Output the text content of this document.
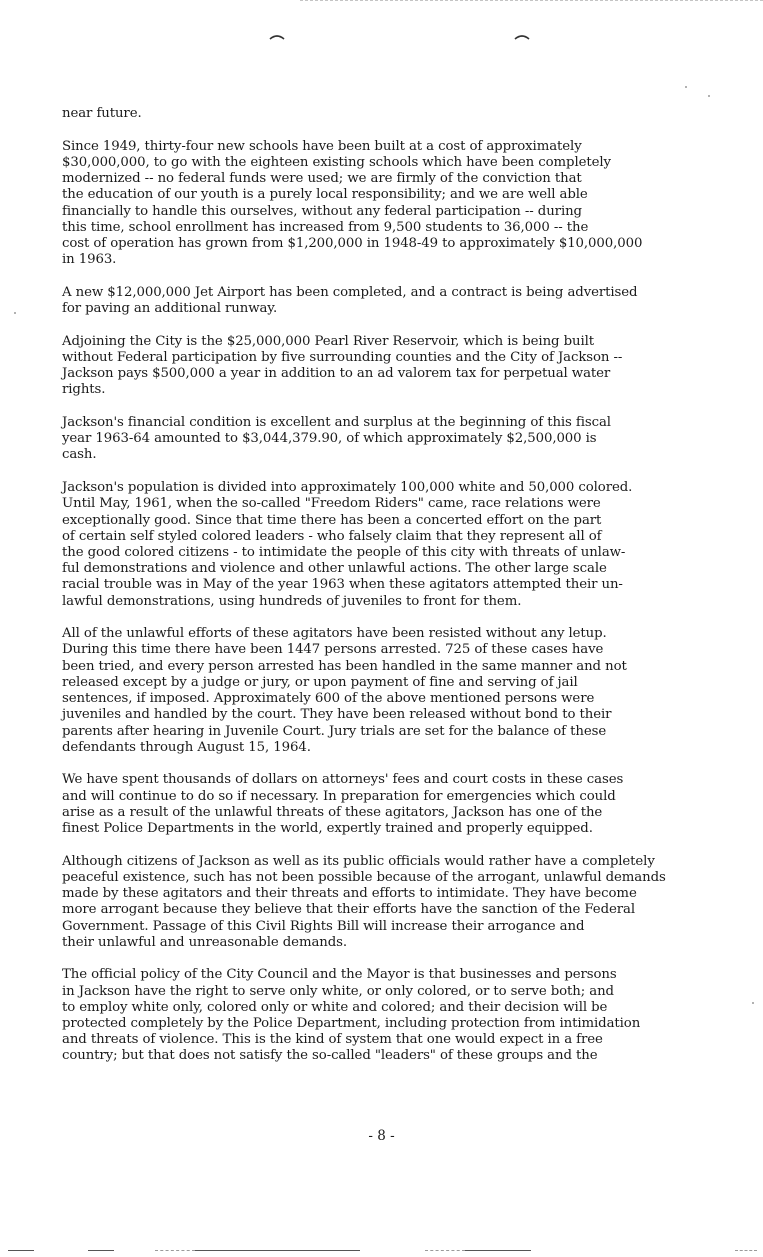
near future.

Since 1949, thirty-four new schools have been built at a cost of approximately
$30,000,000, to go with the eighteen existing schools which have been completely
modernized -- no federal funds were used; we are firmly of the conviction that
the education of our youth is a purely local responsibility; and we are well able
financially to handle this ourselves, without any federal participation -- during
this time, school enrollment has increased from 9,500 students to 36,000 -- the
cost of operation has grown from $1,200,000 in 1948-49 to approximately $10,000,000
in 1963.

A new $12,000,000 Jet Airport has been completed, and a contract is being advertised
for paving an additional runway.

Adjoining the City is the $25,000,000 Pearl River Reservoir, which is being built
without Federal participation by five surrounding counties and the City of Jackson --
Jackson pays $500,000 a year in addition to an ad valorem tax for perpetual water
rights.

Jackson's financial condition is excellent and surplus at the beginning of this fiscal
year 1963-64 amounted to $3,044,379.90, of which approximately $2,500,000 is
cash.

Jackson's population is divided into approximately 100,000 white and 50,000 colored.
Until May, 1961, when the so-called "Freedom Riders" came, race relations were
exceptionally good. Since that time there has been a concerted effort on the part
of certain self styled colored leaders - who falsely claim that they represent all of
the good colored citizens - to intimidate the people of this city with threats of unlaw-
ful demonstrations and violence and other unlawful actions. The other large scale
racial trouble was in May of the year 1963 when these agitators attempted their un-
lawful demonstrations, using hundreds of juveniles to front for them.

All of the unlawful efforts of these agitators have been resisted without any letup.
During this time there have been 1447 persons arrested. 725 of these cases have
been tried, and every person arrested has been handled in the same manner and not
released except by a judge or jury, or upon payment of fine and serving of jail
sentences, if imposed. Approximately 600 of the above mentioned persons were
juveniles and handled by the court. They have been released without bond to their
parents after hearing in Juvenile Court. Jury trials are set for the balance of these
defendants through August 15, 1964.

We have spent thousands of dollars on attorneys' fees and court costs in these cases
and will continue to do so if necessary. In preparation for emergencies which could
arise as a result of the unlawful threats of these agitators, Jackson has one of the
finest Police Departments in the world, expertly trained and properly equipped.

Although citizens of Jackson as well as its public officials would rather have a completely
peaceful existence, such has not been possible because of the arrogant, unlawful demands
made by these agitators and their threats and efforts to intimidate. They have become
more arrogant because they believe that their efforts have the sanction of the Federal
Government. Passage of this Civil Rights Bill will increase their arrogance and
their unlawful and unreasonable demands.

The official policy of the City Council and the Mayor is that businesses and persons
in Jackson have the right to serve only white, or only colored, or to serve both; and
to employ white only, colored only or white and colored; and their decision will be
protected completely by the Police Department, including protection from intimidation
and threats of violence. This is the kind of system that one would expect in a free
country; but that does not satisfy the so-called "leaders" of these groups and the

- 8 -
